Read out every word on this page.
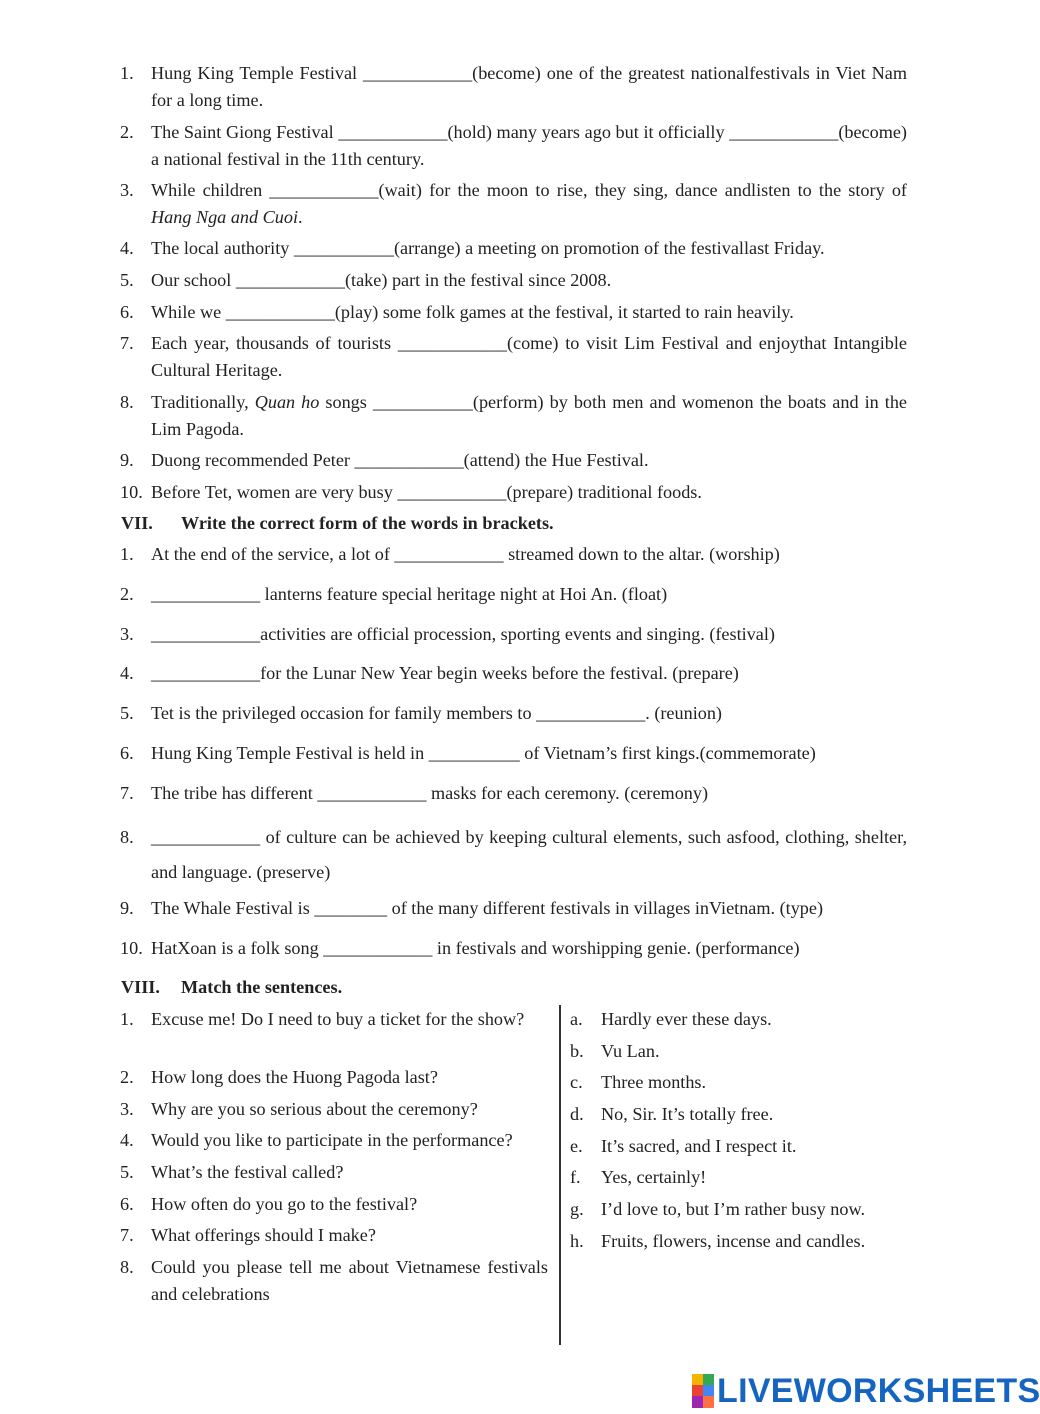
1. Hung King Temple Festival ____________(become) one of the greatest nationalfestivals in Viet Nam for a long time.
2. The Saint Giong Festival ____________(hold) many years ago but it officially ____________(become) a national festival in the 11th century.
3. While children ____________(wait) for the moon to rise, they sing, dance andlisten to the story of Hang Nga and Cuoi.
4. The local authority ___________(arrange) a meeting on promotion of the festivallast Friday.
5. Our school ____________(take) part in the festival since 2008.
6. While we ____________(play) some folk games at the festival, it started to rain heavily.
7. Each year, thousands of tourists ____________(come) to visit Lim Festival and enjoythat Intangible Cultural Heritage.
8. Traditionally, Quan ho songs ___________(perform) by both men and womenon the boats and in the Lim Pagoda.
9. Duong recommended Peter ____________(attend) the Hue Festival.
10. Before Tet, women are very busy ____________(prepare) traditional foods.
VII. Write the correct form of the words in brackets.
1. At the end of the service, a lot of ____________ streamed down to the altar. (worship)
2. ____________ lanterns feature special heritage night at Hoi An. (float)
3. ____________activities are official procession, sporting events and singing. (festival)
4. ____________for the Lunar New Year begin weeks before the festival. (prepare)
5. Tet is the privileged occasion for family members to ____________. (reunion)
6. Hung King Temple Festival is held in __________ of Vietnam’s first kings.(commemorate)
7. The tribe has different ____________ masks for each ceremony. (ceremony)
8. ____________ of culture can be achieved by keeping cultural elements, such asfood, clothing, shelter, and language. (preserve)
9. The Whale Festival is ________ of the many different festivals in villages inVietnam. (type)
10. HatXoan is a folk song ____________ in festivals and worshipping genie. (performance)
VIII. Match the sentences.
1. Excuse me! Do I need to buy a ticket for the show?
2. How long does the Huong Pagoda last?
3. Why are you so serious about the ceremony?
4. Would you like to participate in the performance?
5. What’s the festival called?
6. How often do you go to the festival?
7. What offerings should I make?
8. Could you please tell me about Vietnamese festivals and celebrations
a.	Hardly ever these days.
b. Vu Lan.
c.	Three months.
d. No, Sir. It’s totally free.
e.	It’s sacred, and I respect it.
f.	Yes, certainly!
g. I’d love to, but I’m rather busy now.
h. Fruits, flowers, incense and candles.
LIVEWORKSHEETS
